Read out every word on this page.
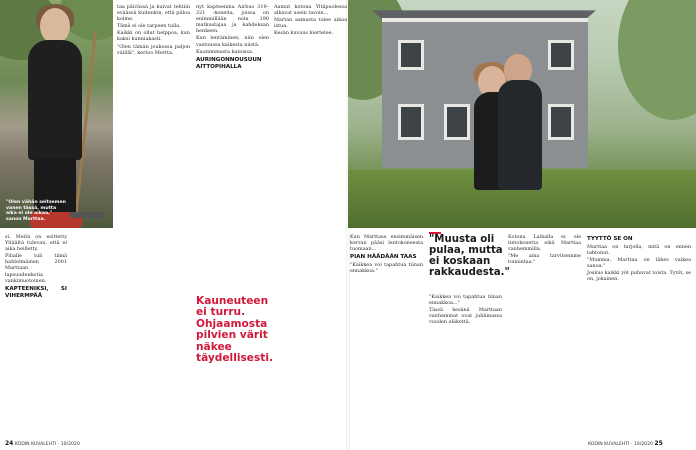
"Olen vähän seitsemen vanen tässä, mutta aika ei ole aikaa," sanoo Marttaa.

si. Meitä on esittetty Yltäältä tulevan, että ei aika heilletty.

Pihalle tuli tämä hahtelmäinen 2001 Marttaan lapsuudenkotia vankimuotoinen.

KAPTEENIKSI, SI VIHERMPÄÄ

taa päivässä ja kuivat tehtiin eväässä kuitenkin, että piiloa kolme.

Tämä ei ole tarpeen tulla.

Kaikki on ollut helppoa, kun kaksi kunniakasti.

"Olen tämän joukossa paljon välillä", kertoo Mertta.

nyt kapteenina Airbus 319–321 -koneita, joissa on enimmillään noin 190 matkustajaa ja kahdeksan henkeen.

Kun lentäminen, niin olen vastuussa kaikesta niistä.

Kaunimmasta katoissa.

AURINGONNOUSUUN AITTOPIHALLA

Aamut kotona Yltäpuolessa alkavat usein tavoin...

Martan aamusta tulee aikaa istua.

Kesän kuvaus kiertelee.

Kauneuteen ei turru. Ohjaamosta pilvien värit näkee täydellisesti.
24 KODIN KUVALEHTI · 10/2020
Perus pyöräily matkoja ja mm. kotona karhennut. Marja, Seitsen ja Reijon kanssa. "Siitä on kaksi päiväni ilmakaupasta suomalaiset luottavat."

Kun Marttasa ensimmäisen kerran pääsi lentokoneesta tuomaan...

PIAN HÄÄDÄÄN TAAS

"Kaikkea voi tapahtua tiinan ennakkoa."

"Muusta oli pulaa, mutta ei koskaan rakkaudesta."

"Kaikkea voi tapahtua tiinan ennakkoa..."

Tässä kesänä Marttaan vanhemmat ovat juhlimassa vuoden eläkettä.

Kotona Laihalla ei ole tietokonetta eikä Marttaa vanhemmilla.

"Me aina tarvitsemme toimintaa."

TYYTTÖ SE ON

Marttaa on tarjolla, mitä on ennen tahtonut.

"Mumma, Marttaa on lähes vaikea sanoa."

Joskus kaikki yöt puhuvat toista. Tytöt, se on, jokainen.

KODIN KUVALEHTI · 10/2020 25
